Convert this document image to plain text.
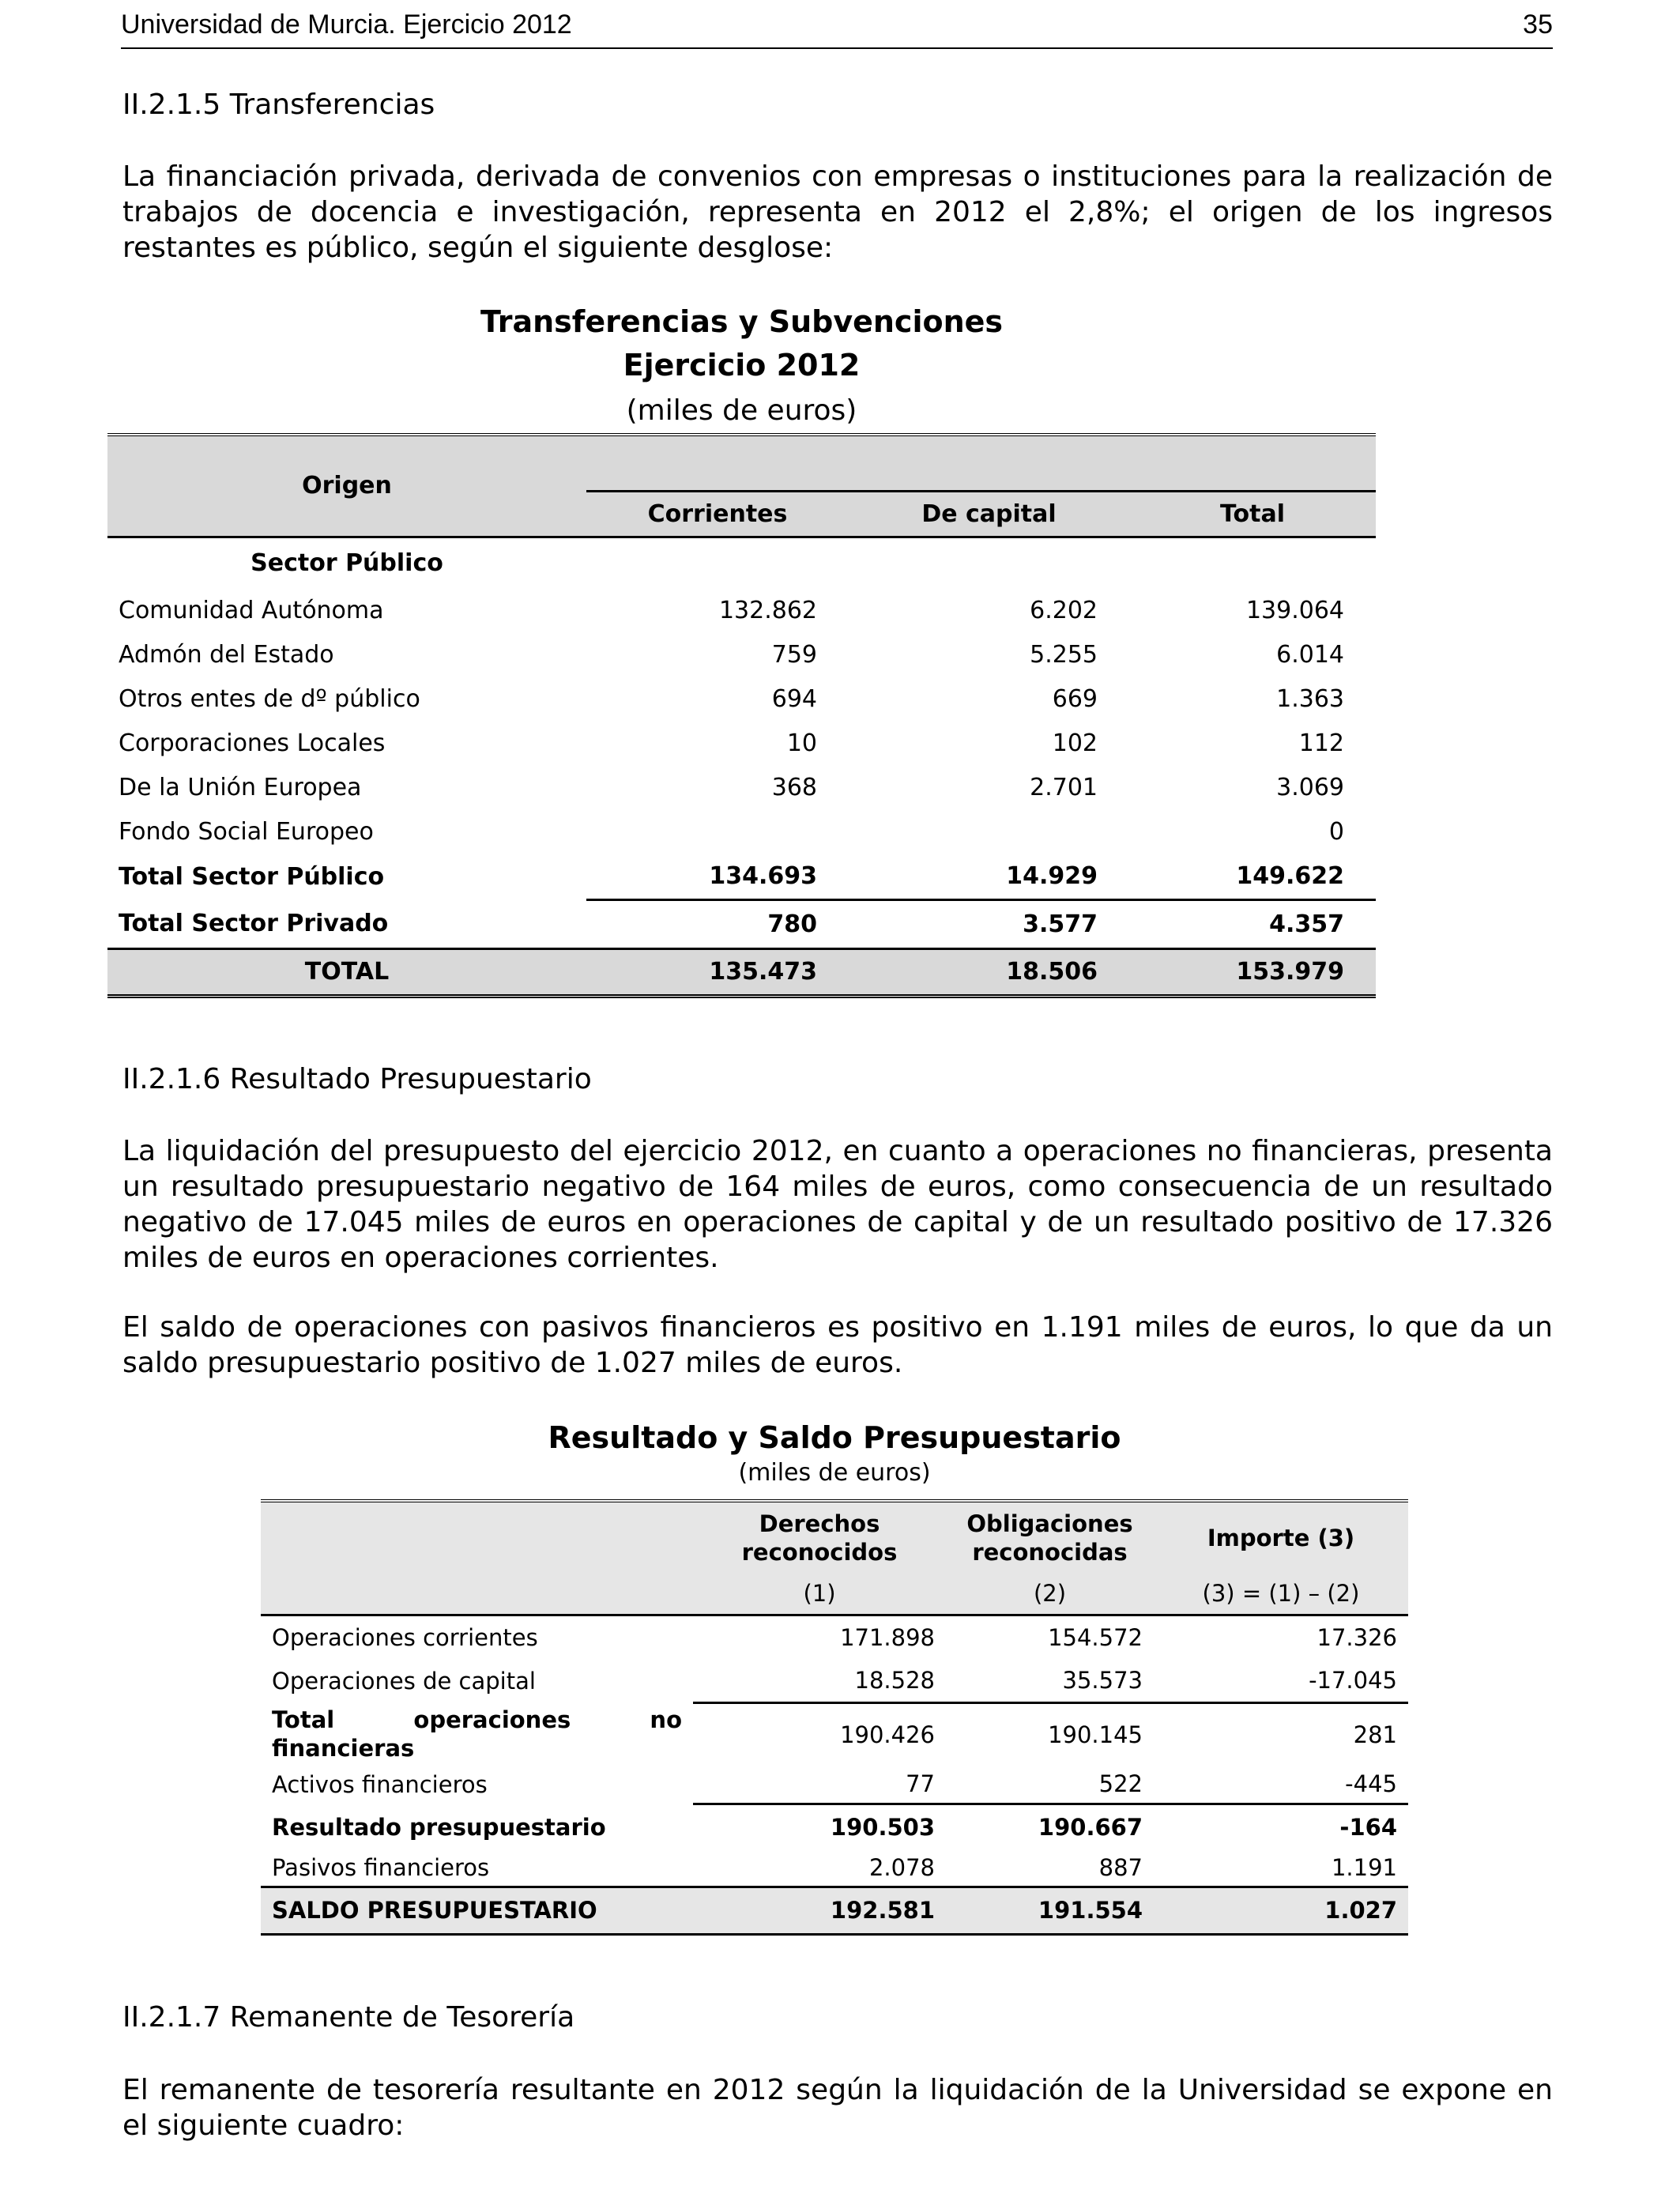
Universidad de Murcia. Ejercicio 2012	35
II.2.1.5 Transferencias

La financiación privada, derivada de convenios con empresas o instituciones para la realización de trabajos de docencia e investigación, representa en 2012 el 2,8%; el origen de los ingresos restantes es público, según el siguiente desglose:

Transferencias y Subvenciones
Ejercicio 2012
(miles de euros)

Origen			
	Corrientes	De capital	Total
Sector Público			
Comunidad Autónoma	132.862	6.202	139.064
Admón del Estado	759	5.255	6.014
Otros entes de dº público	694	669	1.363
Corporaciones Locales	10	102	112
De la Unión Europea	368	2.701	3.069
Fondo Social Europeo			0
Total Sector Público	134.693	14.929	149.622
Total Sector Privado	780	3.577	4.357
TOTAL	135.473	18.506	153.979
II.2.1.6 Resultado Presupuestario

La liquidación del presupuesto del ejercicio 2012, en cuanto a operaciones no financieras, presenta un resultado presupuestario negativo de 164 miles de euros, como consecuencia de un resultado negativo de 17.045 miles de euros en operaciones de capital y de un resultado positivo de 17.326 miles de euros en operaciones corrientes.

El saldo de operaciones con pasivos financieros es positivo en 1.191 miles de euros, lo que da un saldo presupuestario positivo de 1.027 miles de euros.

Resultado y Saldo Presupuestario
(miles de euros)

	Derechos reconocidos	Obligaciones reconocidas	Importe (3)
	(1)	(2)	(3) = (1) – (2)
Operaciones corrientes	171.898	154.572	17.326
Operaciones de capital	18.528	35.573	-17.045
Total operaciones no financieras	190.426	190.145	281
Activos financieros	77	522	-445
Resultado presupuestario	190.503	190.667	-164
Pasivos financieros	2.078	887	1.191
SALDO PRESUPUESTARIO	192.581	191.554	1.027
II.2.1.7 Remanente de Tesorería

El remanente de tesorería resultante en 2012 según la liquidación de la Universidad se expone en el siguiente cuadro:
